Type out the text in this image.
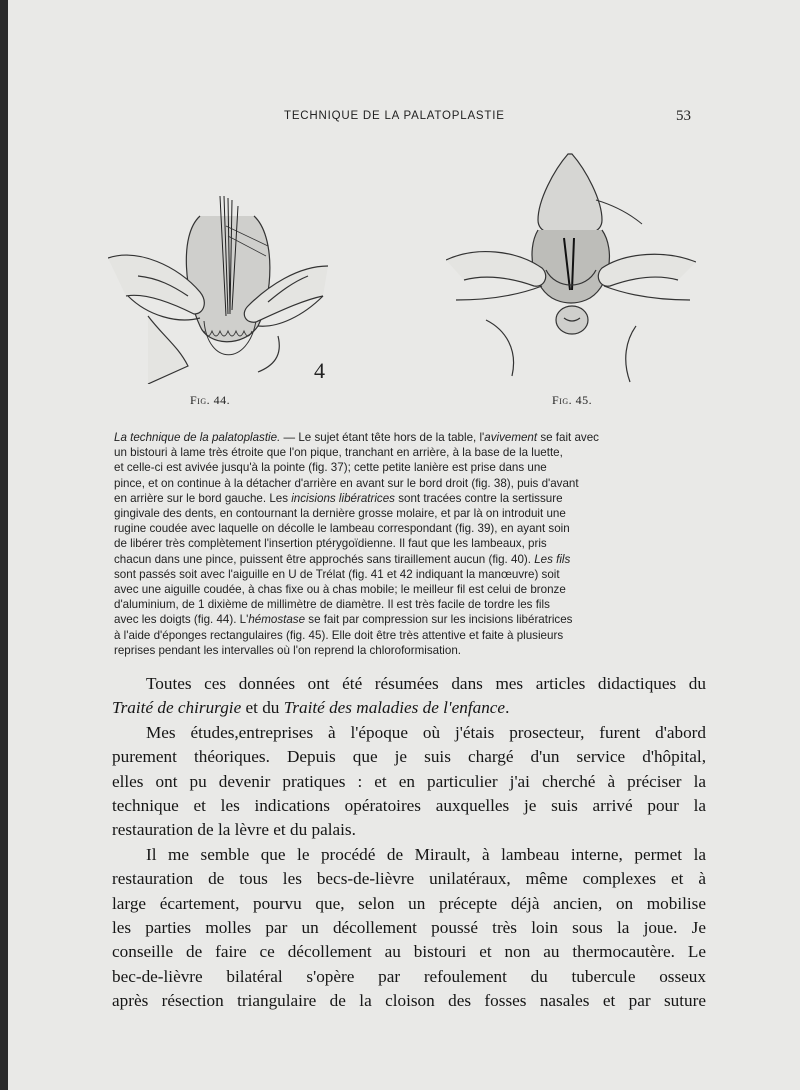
TECHNIQUE DE LA PALATOPLASTIE	53
4
Fig. 44.	Fig. 45.
La technique de la palatoplastie. — Le sujet étant tête hors de la table, l'avivement se fait avec
un bistouri à lame très étroite que l'on pique, tranchant en arrière, à la base de la luette,
et celle-ci est avivée jusqu'à la pointe (fig. 37); cette petite lanière est prise dans une
pince, et on continue à la détacher d'arrière en avant sur le bord droit (fig. 38), puis d'avant
en arrière sur le bord gauche. Les incisions libératrices sont tracées contre la sertissure
gingivale des dents, en contournant la dernière grosse molaire, et par là on introduit une
rugine coudée avec laquelle on décolle le lambeau correspondant (fig. 39), en ayant soin
de libérer très complètement l'insertion ptérygoïdienne. Il faut que les lambeaux, pris
chacun dans une pince, puissent être approchés sans tiraillement aucun (fig. 40). Les fils
sont passés soit avec l'aiguille en U de Trélat (fig. 41 et 42 indiquant la manœuvre) soit
avec une aiguille coudée, à chas fixe ou à chas mobile; le meilleur fil est celui de bronze
d'aluminium, de 1 dixième de millimètre de diamètre. Il est très facile de tordre les fils
avec les doigts (fig. 44). L'hémostase se fait par compression sur les incisions libératrices
à l'aide d'éponges rectangulaires (fig. 45). Elle doit être très attentive et faite à plusieurs
reprises pendant les intervalles où l'on reprend la chloroformisation.
Toutes ces données ont été résumées dans mes articles didactiques du
Traité de chirurgie et du Traité des maladies de l'enfance.
Mes études,entreprises à l'époque où j'étais prosecteur, furent d'abord
purement théoriques. Depuis que je suis chargé d'un service d'hôpital,
elles ont pu devenir pratiques : et en particulier j'ai cherché à préciser la
technique et les indications opératoires auxquelles je suis arrivé pour la
restauration de la lèvre et du palais.
Il me semble que le procédé de Mirault, à lambeau interne, permet la
restauration de tous les becs-de-lièvre unilatéraux, même complexes et à
large écartement, pourvu que, selon un précepte déjà ancien, on mobilise
les parties molles par un décollement poussé très loin sous la joue. Je
conseille de faire ce décollement au bistouri et non au thermocautère. Le
bec-de-lièvre bilatéral s'opère par refoulement du tubercule osseux
après résection triangulaire de la cloison des fosses nasales et par suture
